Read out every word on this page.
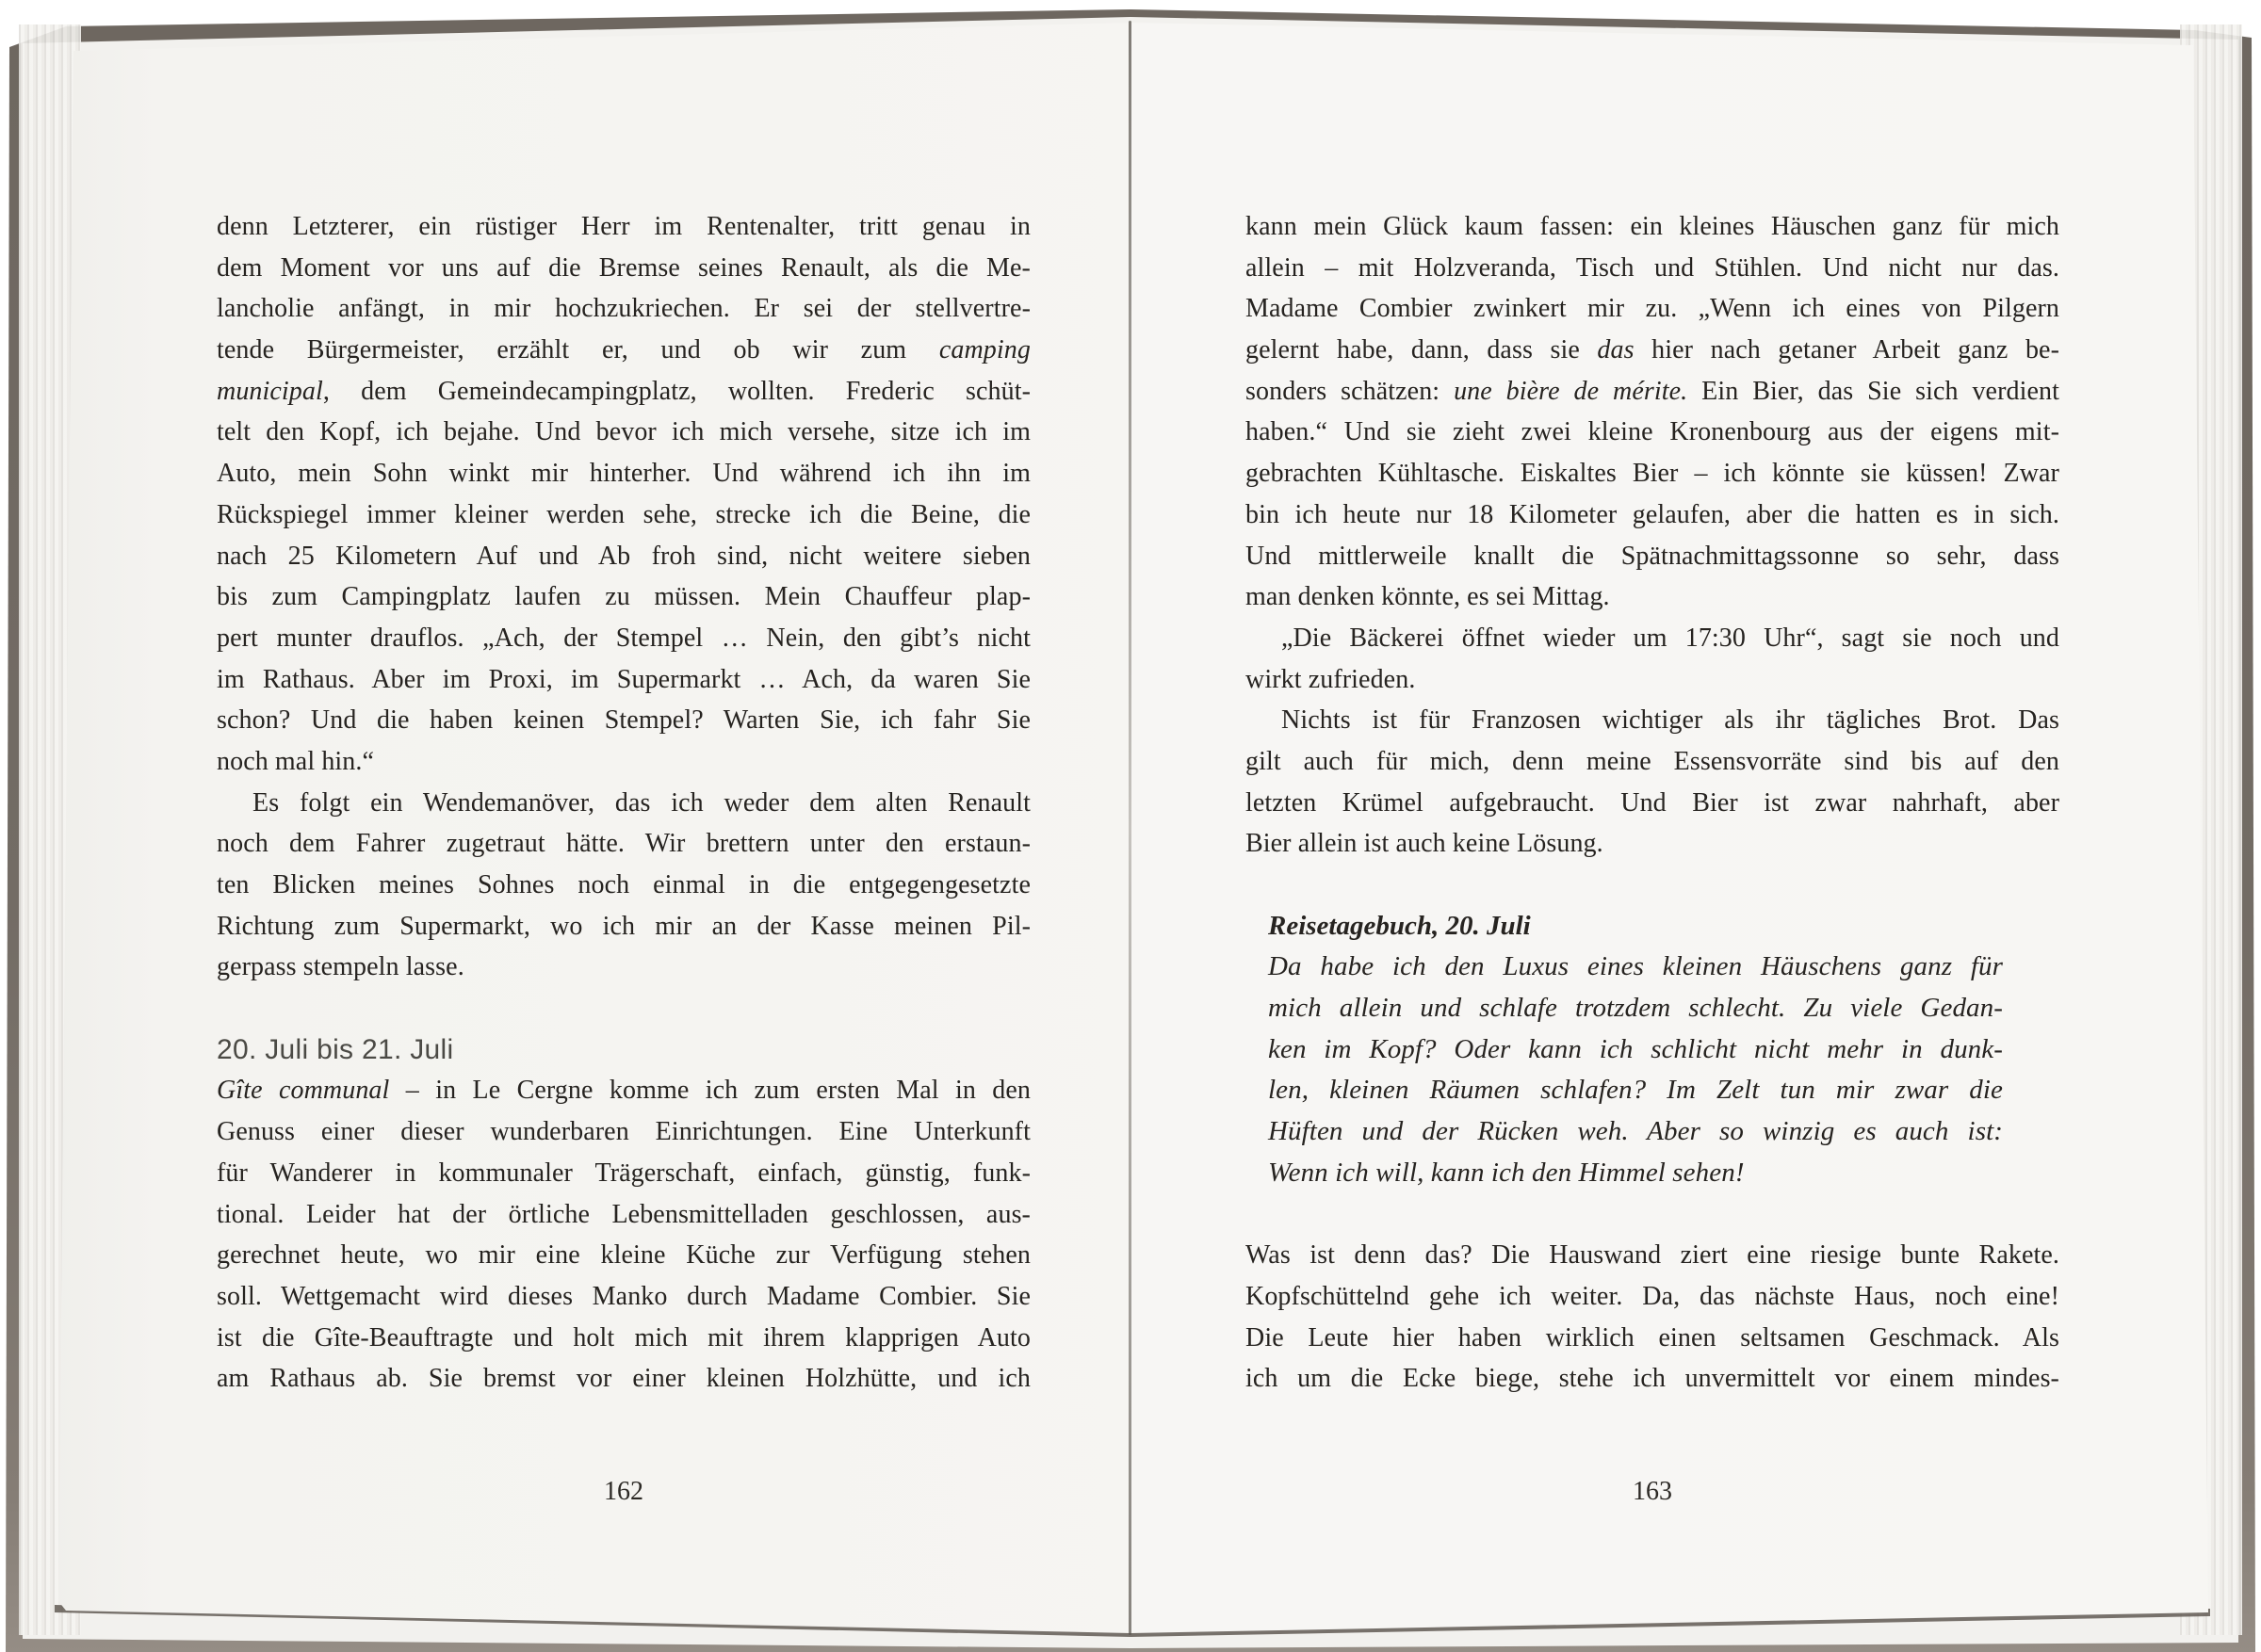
denn Letzterer, ein rüstiger Herr im Rentenalter, tritt genau in
dem Moment vor uns auf die Bremse seines Renault, als die Me-
lancholie anfängt, in mir hochzukriechen. Er sei der stellvertre-
tende Bürgermeister, erzählt er, und ob wir zum camping
municipal, dem Gemeindecampingplatz, wollten. Frederic schüt-
telt den Kopf, ich bejahe. Und bevor ich mich versehe, sitze ich im
Auto, mein Sohn winkt mir hinterher. Und während ich ihn im
Rückspiegel immer kleiner werden sehe, strecke ich die Beine, die
nach 25 Kilometern Auf und Ab froh sind, nicht weitere sieben
bis zum Campingplatz laufen zu müssen. Mein Chauffeur plap-
pert munter drauflos. „Ach, der Stempel … Nein, den gibt’s nicht
im Rathaus. Aber im Proxi, im Supermarkt … Ach, da waren Sie
schon? Und die haben keinen Stempel? Warten Sie, ich fahr Sie
noch mal hin.“
Es folgt ein Wendemanöver, das ich weder dem alten Renault
noch dem Fahrer zugetraut hätte. Wir brettern unter den erstaun-
ten Blicken meines Sohnes noch einmal in die entgegengesetzte
Richtung zum Supermarkt, wo ich mir an der Kasse meinen Pil-
gerpass stempeln lasse.
20. Juli bis 21. Juli
Gîte communal – in Le Cergne komme ich zum ersten Mal in den
Genuss einer dieser wunderbaren Einrichtungen. Eine Unterkunft
für Wanderer in kommunaler Trägerschaft, einfach, günstig, funk-
tional. Leider hat der örtliche Lebensmittelladen geschlossen, aus-
gerechnet heute, wo mir eine kleine Küche zur Verfügung stehen
soll. Wettgemacht wird dieses Manko durch Madame Combier. Sie
ist die Gîte-Beauftragte und holt mich mit ihrem klapprigen Auto
am Rathaus ab. Sie bremst vor einer kleinen Holzhütte, und ich
kann mein Glück kaum fassen: ein kleines Häuschen ganz für mich
allein – mit Holzveranda, Tisch und Stühlen. Und nicht nur das.
Madame Combier zwinkert mir zu. „Wenn ich eines von Pilgern
gelernt habe, dann, dass sie das hier nach getaner Arbeit ganz be-
sonders schätzen: une bière de mérite. Ein Bier, das Sie sich verdient
haben.“ Und sie zieht zwei kleine Kronenbourg aus der eigens mit-
gebrachten Kühltasche. Eiskaltes Bier – ich könnte sie küssen! Zwar
bin ich heute nur 18 Kilometer gelaufen, aber die hatten es in sich.
Und mittlerweile knallt die Spätnachmittagssonne so sehr, dass
man denken könnte, es sei Mittag.
„Die Bäckerei öffnet wieder um 17:30 Uhr“, sagt sie noch und
wirkt zufrieden.
Nichts ist für Franzosen wichtiger als ihr tägliches Brot. Das
gilt auch für mich, denn meine Essensvorräte sind bis auf den
letzten Krümel aufgebraucht. Und Bier ist zwar nahrhaft, aber
Bier allein ist auch keine Lösung.
Reisetagebuch, 20. Juli
Da habe ich den Luxus eines kleinen Häuschens ganz für
mich allein und schlafe trotzdem schlecht. Zu viele Gedan-
ken im Kopf? Oder kann ich schlicht nicht mehr in dunk-
len, kleinen Räumen schlafen? Im Zelt tun mir zwar die
Hüften und der Rücken weh. Aber so winzig es auch ist:
Wenn ich will, kann ich den Himmel sehen!
Was ist denn das? Die Hauswand ziert eine riesige bunte Rakete.
Kopfschüttelnd gehe ich weiter. Da, das nächste Haus, noch eine!
Die Leute hier haben wirklich einen seltsamen Geschmack. Als
ich um die Ecke biege, stehe ich unvermittelt vor einem mindes-
162	163
